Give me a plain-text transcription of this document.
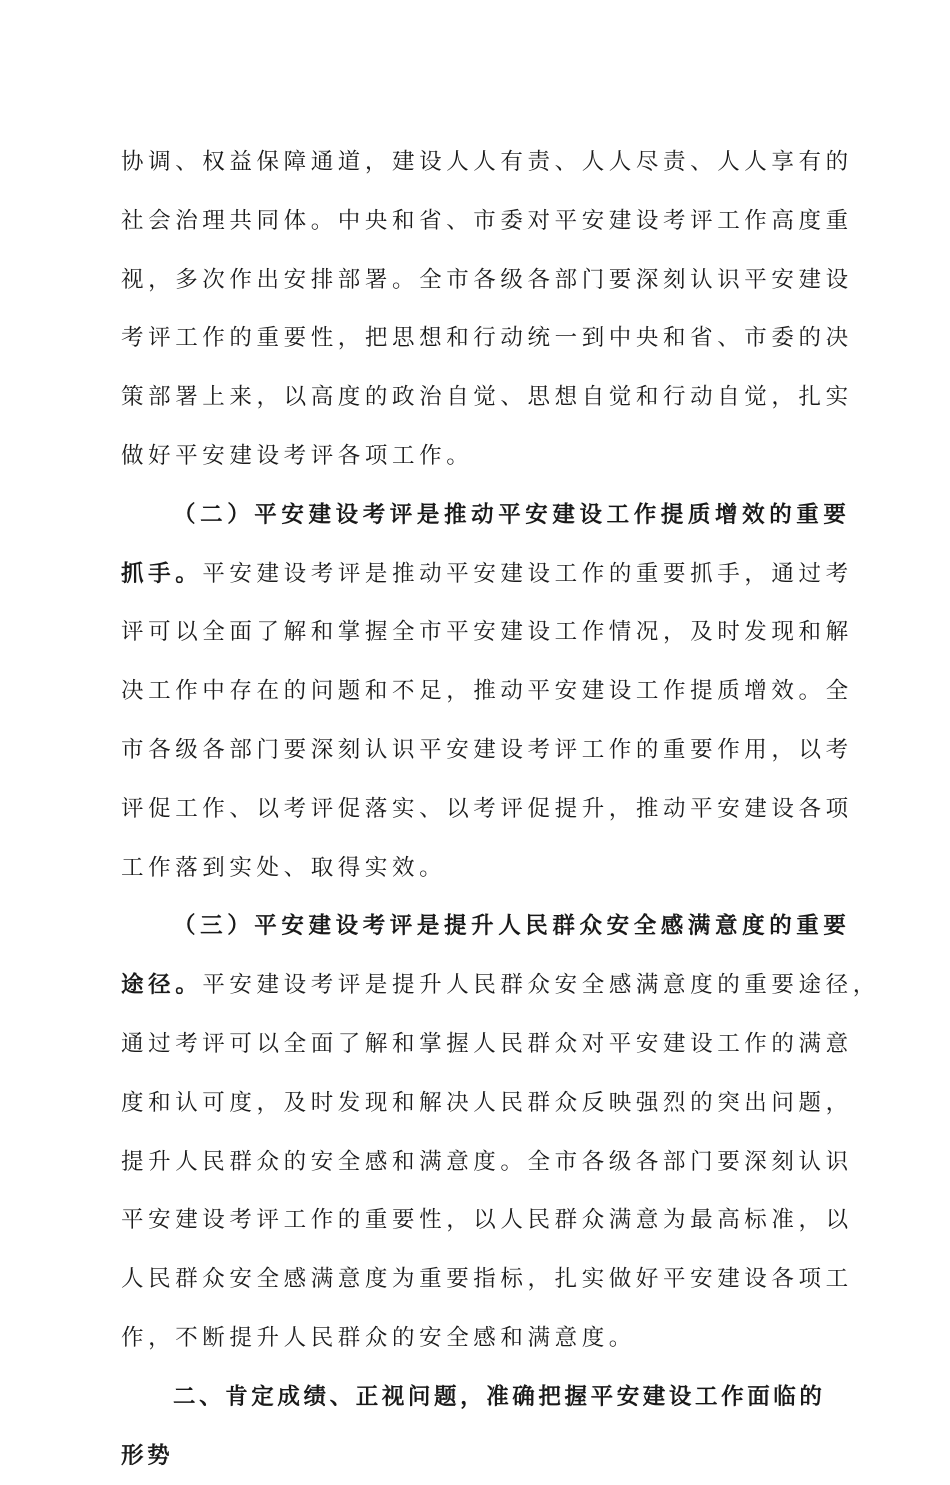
协调、权益保障通道，建设人人有责、人人尽责、人人享有的
社会治理共同体。中央和省、市委对平安建设考评工作高度重
视，多次作出安排部署。全市各级各部门要深刻认识平安建设
考评工作的重要性，把思想和行动统一到中央和省、市委的决
策部署上来，以高度的政治自觉、思想自觉和行动自觉，扎实
做好平安建设考评各项工作。
（二）平安建设考评是推动平安建设工作提质增效的重要
抓手。平安建设考评是推动平安建设工作的重要抓手，通过考
评可以全面了解和掌握全市平安建设工作情况，及时发现和解
决工作中存在的问题和不足，推动平安建设工作提质增效。全
市各级各部门要深刻认识平安建设考评工作的重要作用，以考
评促工作、以考评促落实、以考评促提升，推动平安建设各项
工作落到实处、取得实效。
（三）平安建设考评是提升人民群众安全感满意度的重要
途径。平安建设考评是提升人民群众安全感满意度的重要途径，
通过考评可以全面了解和掌握人民群众对平安建设工作的满意
度和认可度，及时发现和解决人民群众反映强烈的突出问题，
提升人民群众的安全感和满意度。全市各级各部门要深刻认识
平安建设考评工作的重要性，以人民群众满意为最高标准，以
人民群众安全感满意度为重要指标，扎实做好平安建设各项工
作，不断提升人民群众的安全感和满意度。
二、肯定成绩、正视问题，准确把握平安建设工作面临的
形势
